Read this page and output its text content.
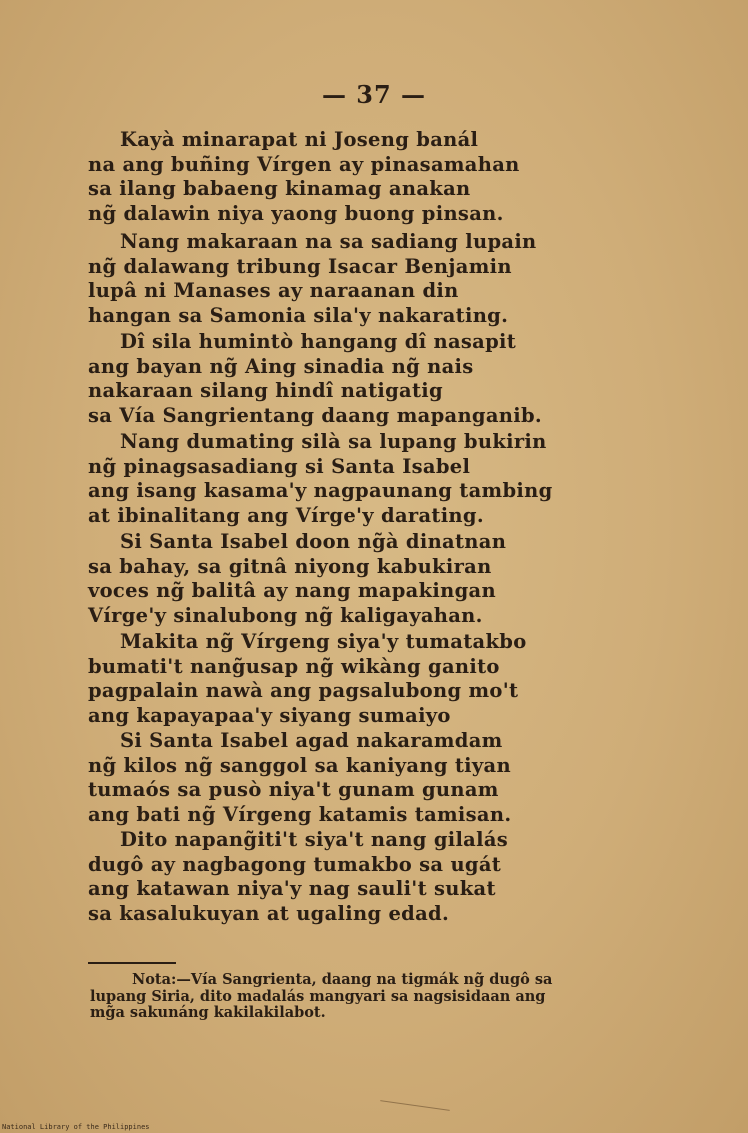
— 37 —
Kayà minarapat ni Joseng banál
na ang buñing Vírgen ay pinasamahan
sa ilang babaeng kinamag anakan
ng̃ dalawin niya yaong buong pinsan.
Nang makaraan na sa sadiang lupain
ng̃ dalawang tribung Isacar Benjamin
lupâ ni Manases ay naraanan din
hangan sa Samonia sila'y nakarating.
Dî sila humintò hangang dî nasapit
ang bayan ng̃ Aing sinadia ng̃ nais
nakaraan silang hindî natigatig
sa Vía Sangrientang daang mapanganib.
Nang dumating silà sa lupang bukirin
ng̃ pinagsasadiang si Santa Isabel
ang isang kasama'y nagpaunang tambing
at ibinalitang ang Vírge'y darating.
Si Santa Isabel doon ng̃à dinatnan
sa bahay, sa gitnâ niyong kabukiran
voces ng̃ balitâ ay nang mapakingan
Vírge'y sinalubong ng̃ kaligayahan.
Makita ng̃ Vírgeng siya'y tumatakbo
bumati't nang̃usap ng̃ wikàng ganito
pagpalain nawà ang pagsalubong mo't
ang kapayapaa'y siyang sumaiyo
Si Santa Isabel agad nakaramdam
ng̃ kilos ng̃ sanggol sa kaniyang tiyan
tumaós sa pusò niya't gunam gunam
ang bati ng̃ Vírgeng katamis tamisan.
Dito napang̃iti't siya't nang gilalás
dugô ay nagbagong tumakbo sa ugát
ang katawan niya'y nag sauli't sukat
sa kasalukuyan at ugaling edad.
Nota:—Vía Sangrienta, daang na tigmák ng̃ dugô sa
lupang Siria, dito madalás mangyari sa nagsisidaan ang
mg̃a sakunáng kakilakilabot.
National Library of the Philippines
